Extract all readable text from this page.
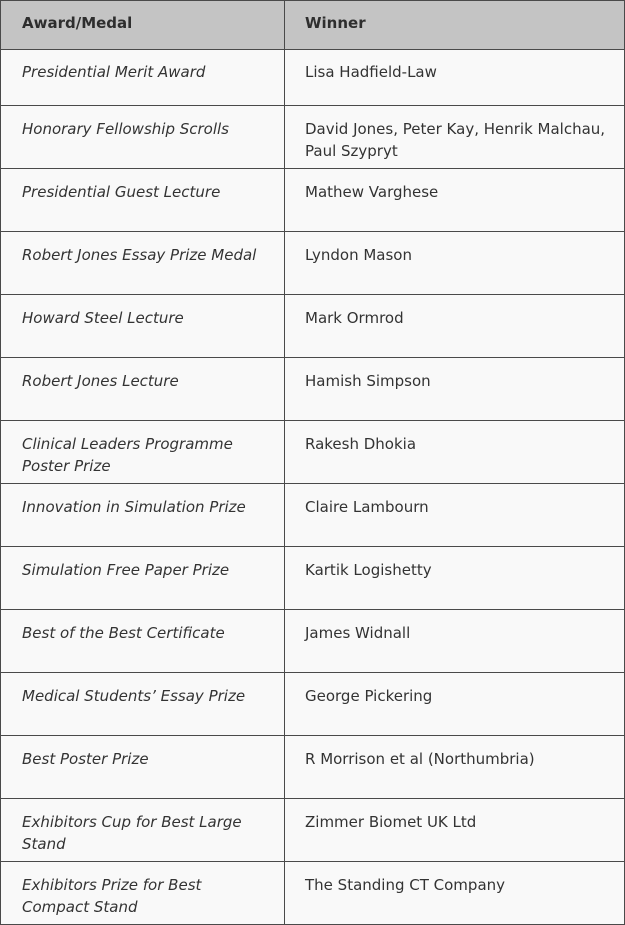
Award/Medal	Winner
Presidential Merit Award	Lisa Hadfield-Law
Honorary Fellowship Scrolls	David Jones, Peter Kay, Henrik Malchau, Paul Szypryt
Presidential Guest Lecture	Mathew Varghese
Robert Jones Essay Prize Medal	Lyndon Mason
Howard Steel Lecture	Mark Ormrod
Robert Jones Lecture	Hamish Simpson
Clinical Leaders Programme Poster Prize	Rakesh Dhokia
Innovation in Simulation Prize	Claire Lambourn
Simulation Free Paper Prize	Kartik Logishetty
Best of the Best Certificate	James Widnall
Medical Students’ Essay Prize	George Pickering
Best Poster Prize	R Morrison et al (Northumbria)
Exhibitors Cup for Best Large Stand	Zimmer Biomet UK Ltd
Exhibitors Prize for Best Compact Stand	The Standing CT Company
